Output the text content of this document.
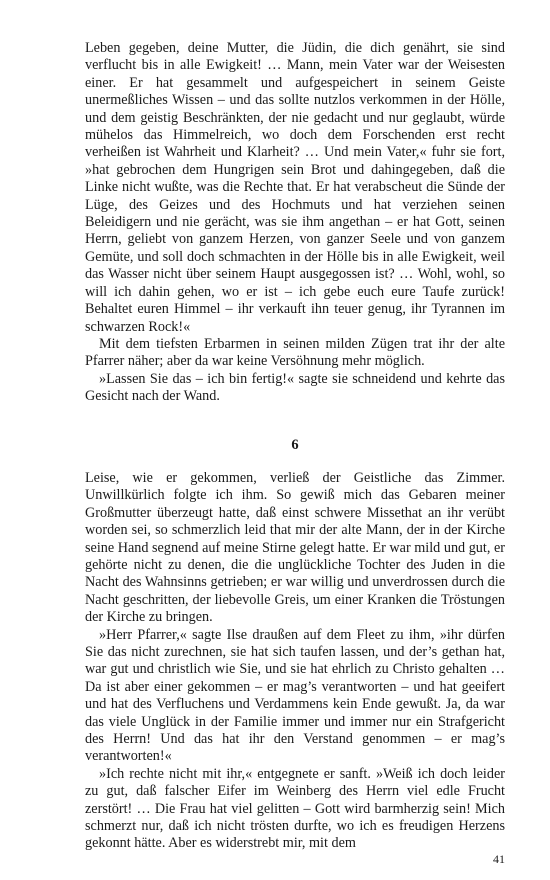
Leben gegeben, deine Mutter, die Jüdin, die dich genährt, sie sind verflucht bis in alle Ewigkeit! … Mann, mein Vater war der Weisesten einer. Er hat gesammelt und aufgespeichert in seinem Geiste unermeßliches Wissen – und das sollte nutzlos verkommen in der Hölle, und dem geistig Beschränkten, der nie gedacht und nur geglaubt, würde mühelos das Himmelreich, wo doch dem Forschenden erst recht verheißen ist Wahrheit und Klarheit? … Und mein Vater,« fuhr sie fort, »hat gebrochen dem Hungrigen sein Brot und dahingegeben, daß die Linke nicht wußte, was die Rechte that. Er hat verabscheut die Sünde der Lüge, des Geizes und des Hochmuts und hat verziehen seinen Beleidigern und nie gerächt, was sie ihm angethan – er hat Gott, seinen Herrn, geliebt von ganzem Herzen, von ganzer Seele und von ganzem Gemüte, und soll doch schmachten in der Hölle bis in alle Ewigkeit, weil das Wasser nicht über seinem Haupt ausgegossen ist? … Wohl, wohl, so will ich dahin gehen, wo er ist – ich gebe euch eure Taufe zurück! Behaltet euren Himmel – ihr verkauft ihn teuer genug, ihr Tyrannen im schwarzen Rock!«

Mit dem tiefsten Erbarmen in seinen milden Zügen trat ihr der alte Pfarrer näher; aber da war keine Versöhnung mehr möglich.

»Lassen Sie das – ich bin fertig!« sagte sie schneidend und kehrte das Gesicht nach der Wand.

6

Leise, wie er gekommen, verließ der Geistliche das Zimmer. Unwillkürlich folgte ich ihm. So gewiß mich das Gebaren meiner Großmutter überzeugt hatte, daß einst schwere Missethat an ihr verübt worden sei, so schmerzlich leid that mir der alte Mann, der in der Kirche seine Hand segnend auf meine Stirne gelegt hatte. Er war mild und gut, er gehörte nicht zu denen, die die unglückliche Tochter des Juden in die Nacht des Wahnsinns getrieben; er war willig und unverdrossen durch die Nacht geschritten, der liebevolle Greis, um einer Kranken die Tröstungen der Kirche zu bringen.

»Herr Pfarrer,« sagte Ilse draußen auf dem Fleet zu ihm, »ihr dürfen Sie das nicht zurechnen, sie hat sich taufen lassen, und der’s gethan hat, war gut und christlich wie Sie, und sie hat ehrlich zu Christo gehalten … Da ist aber einer gekommen – er mag’s verantworten – und hat geeifert und hat des Verfluchens und Verdammens kein Ende gewußt. Ja, da war das viele Unglück in der Familie immer und immer nur ein Strafgericht des Herrn! Und das hat ihr den Verstand genommen – er mag’s verantworten!«

»Ich rechte nicht mit ihr,« entgegnete er sanft. »Weiß ich doch leider zu gut, daß falscher Eifer im Weinberg des Herrn viel edle Frucht zerstört! … Die Frau hat viel gelitten – Gott wird barmherzig sein! Mich schmerzt nur, daß ich nicht trösten durfte, wo ich es freudigen Herzens gekonnt hätte. Aber es widerstrebt mir, mit dem

41
